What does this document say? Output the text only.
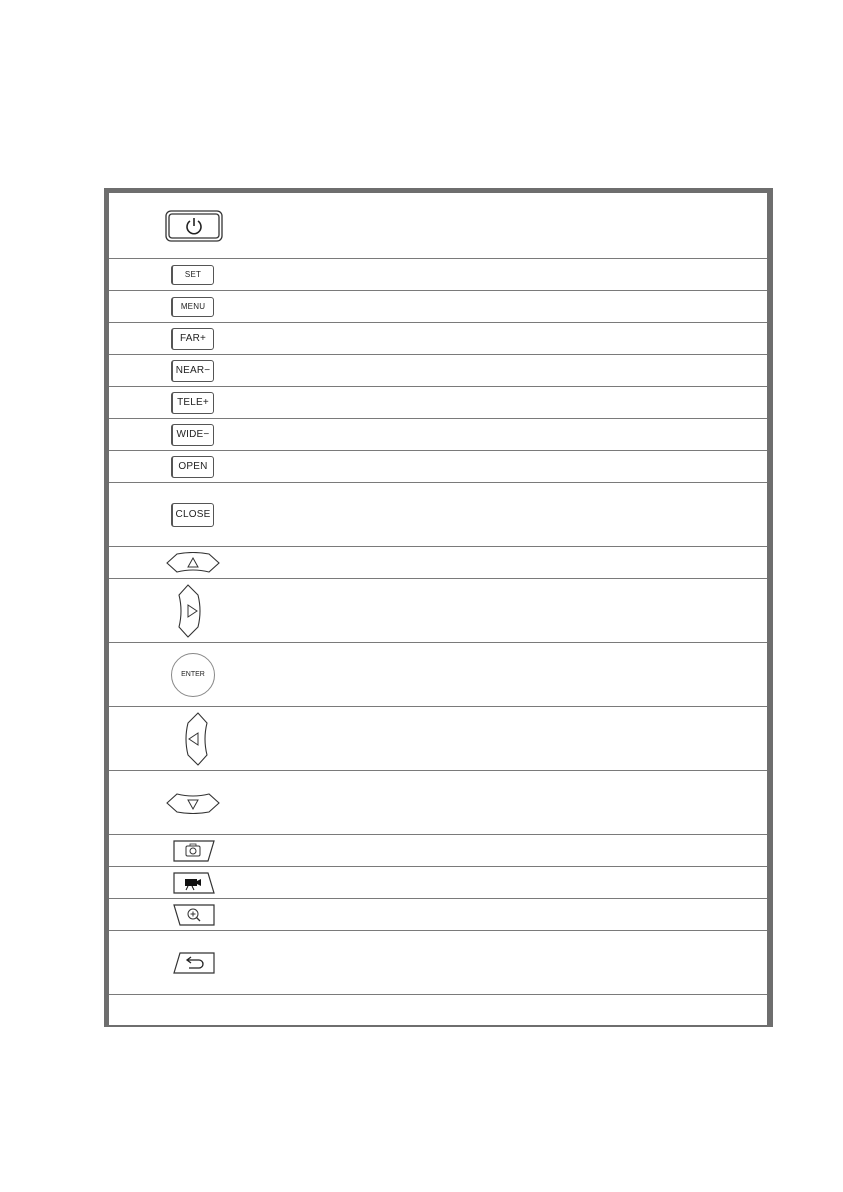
SET
MENU
FAR+
NEAR−
TELE+
WIDE−
OPEN
CLOSE
ENTER
